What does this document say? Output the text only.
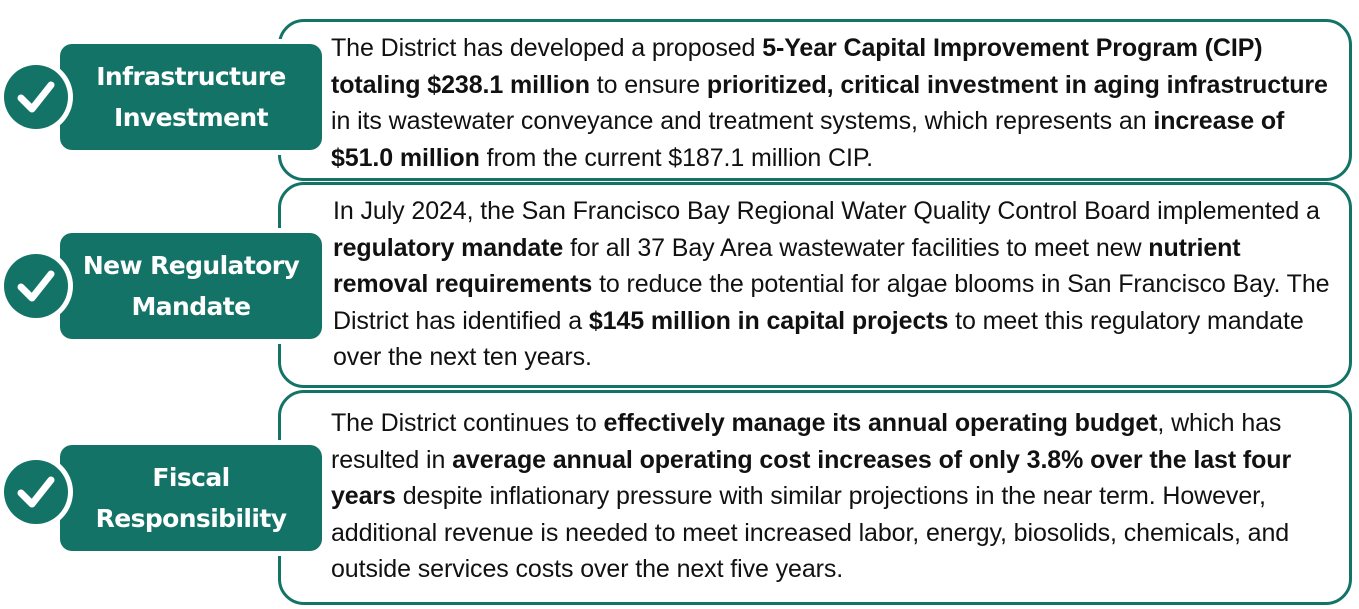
The District has developed a proposed 5-Year Capital Improvement Program (CIP) totaling $238.1 million to ensure prioritized, critical investment in aging infrastructure in its wastewater conveyance and treatment systems, which represents an increase of $51.0 million from the current $187.1 million CIP.
Infrastructure
Investment
In July 2024, the San Francisco Bay Regional Water Quality Control Board implemented a regulatory mandate for all 37 Bay Area wastewater facilities to meet new nutrient removal requirements to reduce the potential for algae blooms in San Francisco Bay. The District has identified a $145 million in capital projects to meet this regulatory mandate over the next ten years.
New Regulatory
Mandate
The District continues to effectively manage its annual operating budget, which has resulted in average annual operating cost increases of only 3.8% over the last four years despite inflationary pressure with similar projections in the near term. However, additional revenue is needed to meet increased labor, energy, biosolids, chemicals, and outside services costs over the next five years.
Fiscal
Responsibility
